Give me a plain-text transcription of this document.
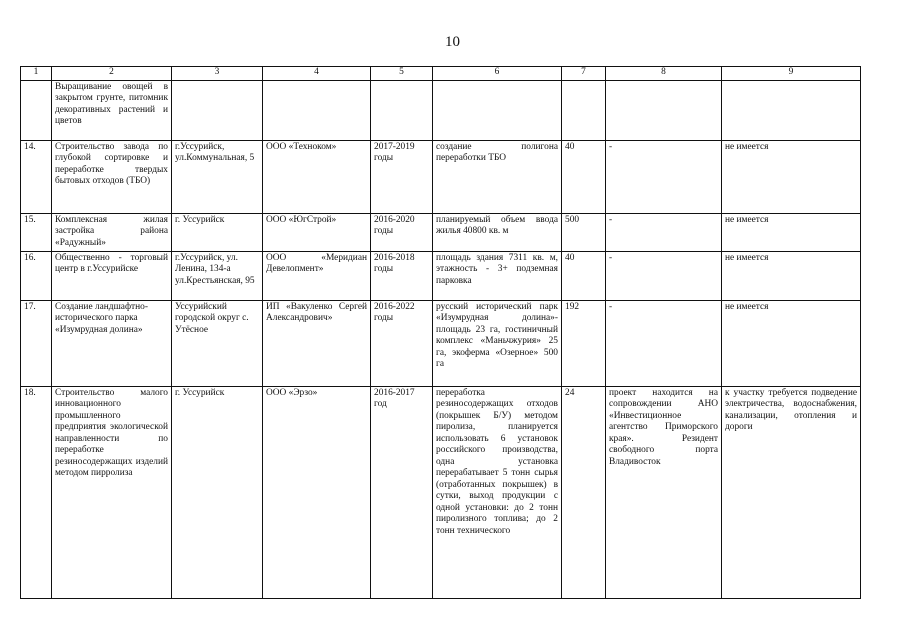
10
1	2	3	4	5	6	7	8	9
	Выращивание овощей в закрытом грунте, питомник декоративных растений и цветов							
14.	Строительство завода по глубокой сортировке и переработке твердых бытовых отходов (ТБО)	г.Уссурийск, ул.Коммунальная, 5	ООО «Техноком»	2017-2019 годы	создание полигона переработки ТБО	40	-	не имеется
15.	Комплексная жилая застройка района «Радужный»	г. Уссурийск	ООО «ЮгСтрой»	2016-2020 годы	планируемый объем ввода жилья 40800 кв. м	500	-	не имеется
16.	Общественно - торговый центр в г.Уссурийске	г.Уссурийск, ул. Ленина, 134-а ул.Крестьянская, 95	ООО «Меридиан Девелопмент»	2016-2018 годы	площадь здания 7311 кв. м, этажность - 3+ подземная парковка	40	-	не имеется
17.	Создание ландшафтно-исторического парка «Изумрудная долина»	Уссурийский городской округ с. Утёсное	ИП «Вакуленко Сергей Александрович»	2016-2022 годы	русский исторический парк «Изумрудная долина»- площадь 23 га, гостиничный комплекс «Маньчжурия» 25 га, экоферма «Озерное» 500 га	192	-	не имеется
18.	Строительство малого инновационного промышленного предприятия экологической направленности по переработке резиносодержащих изделий методом пирролиза	г. Уссурийск	ООО «Эрзо»	2016-2017 год	переработка резиносодержащих отходов (покрышек Б/У) методом пиролиза, планируется использовать 6 установок российского производства, одна установка перерабатывает 5 тонн сырья (отработанных покрышек) в сутки, выход продукции с одной установки: до 2 тонн пиролизного топлива; до 2 тонн технического	24	проект находится на сопровождении АНО «Инвестиционное агентство Приморского края». Резидент свободного порта Владивосток	к участку требуется подведение электричества, водоснабжения, канализации, отопления и дороги
